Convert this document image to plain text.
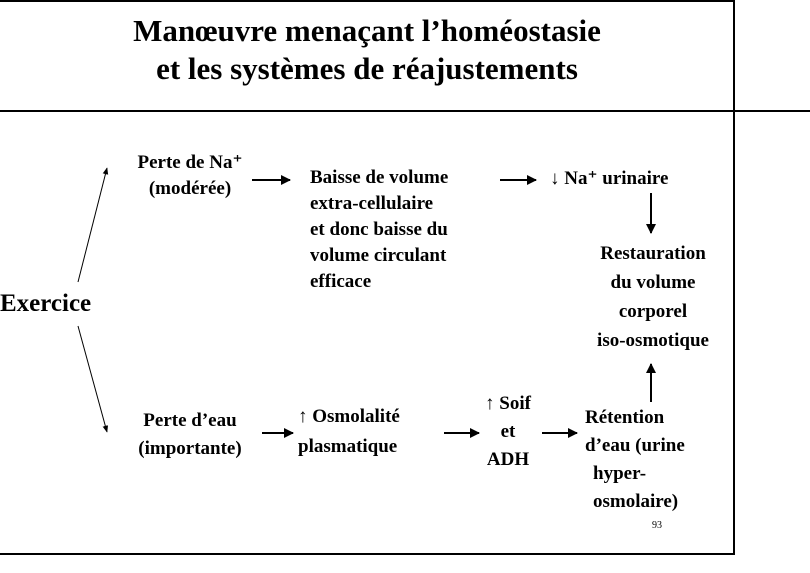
Manœuvre menaçant l’homéostasie
et les systèmes de réajustements
Exercice
Perte de Na⁺
(modérée)
Baisse de volume
extra-cellulaire
et donc baisse du
volume circulant
efficace
↓ Na⁺ urinaire
Restauration
du volume
corporel
iso-osmotique
Perte d’eau
(importante)
↑ Osmolalité
plasmatique
↑ Soif
et
ADH
Rétention
d’eau (urine
hyper-
osmolaire)
93
